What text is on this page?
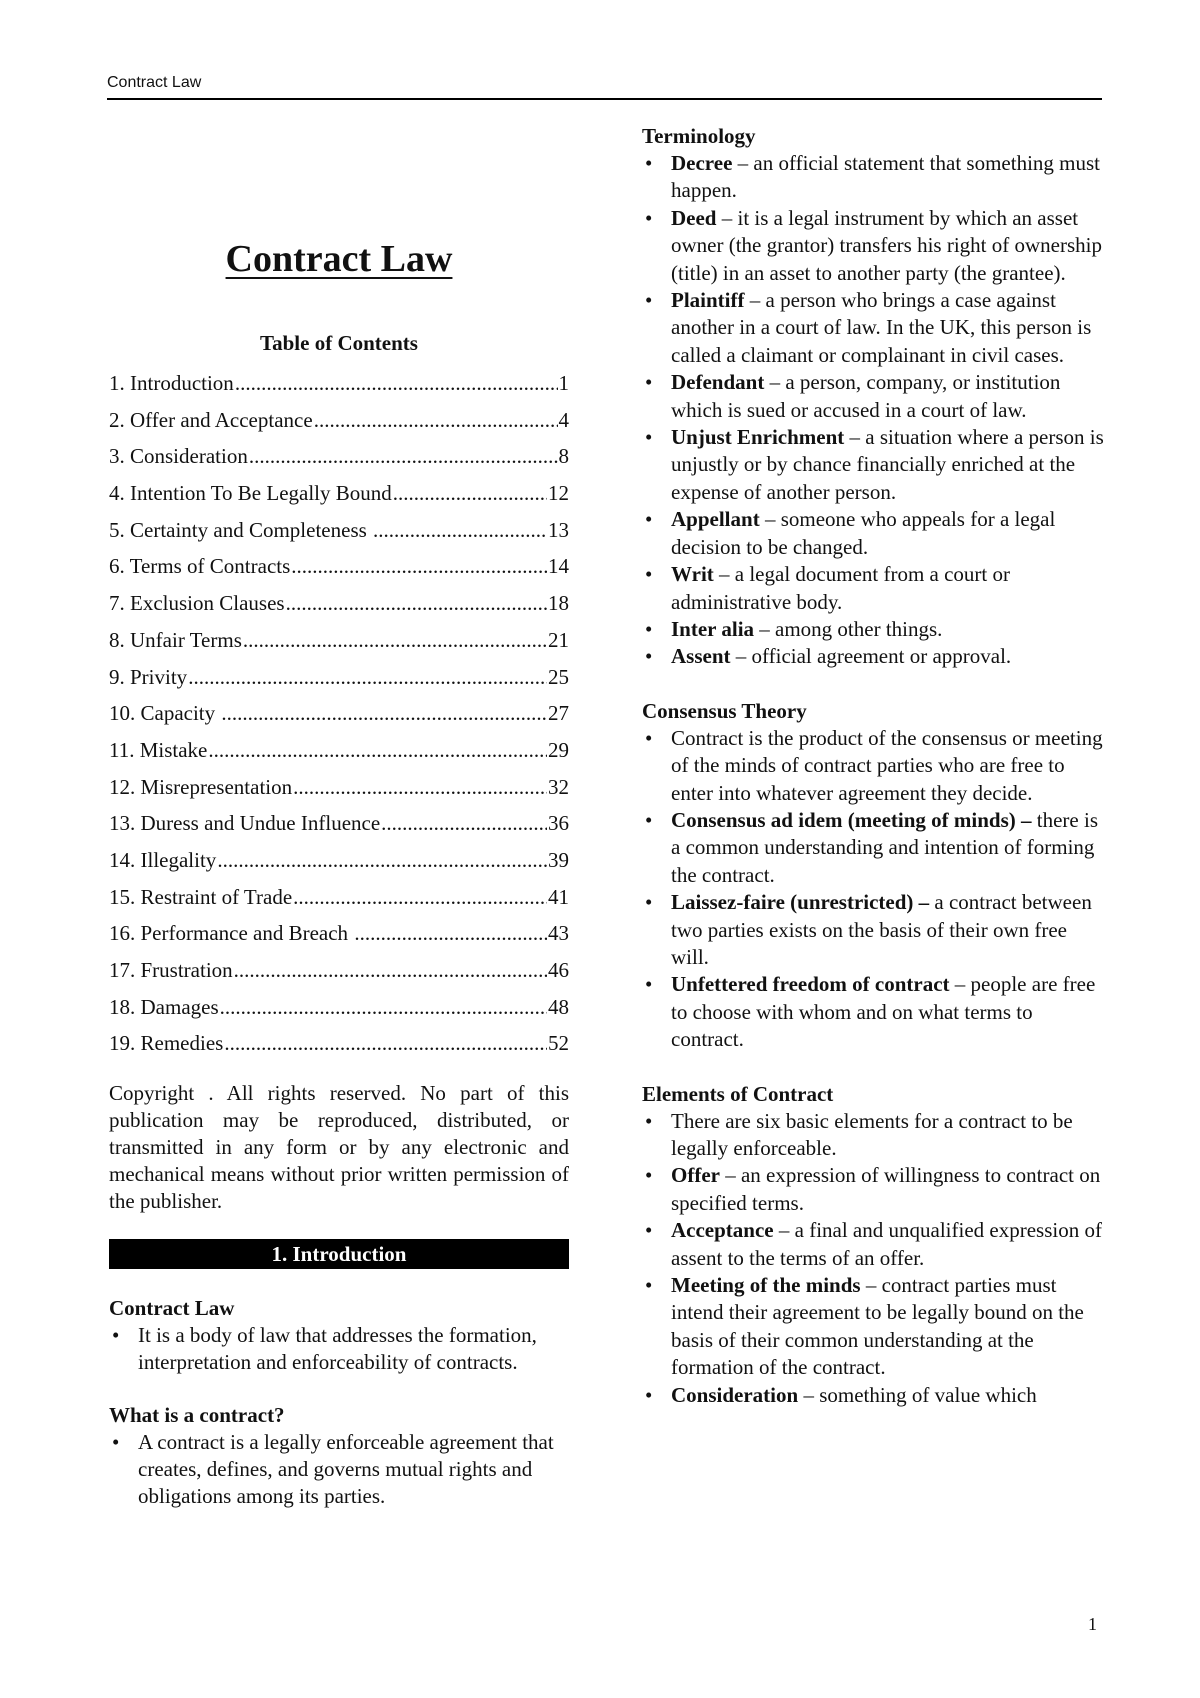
Contract Law
Contract Law
Table of Contents
1. Introduction .....	1
2. Offer and Acceptance .....	4
3. Consideration .....	8
4. Intention To Be Legally Bound .....	12
5. Certainty and Completeness .....	13
6. Terms of Contracts .....	14
7. Exclusion Clauses .....	18
8. Unfair Terms .....	21
9. Privity .....	25
10. Capacity .....	27
11. Mistake .....	29
12. Misrepresentation .....	32
13. Duress and Undue Influence .....	36
14. Illegality .....	39
15. Restraint of Trade .....	41
16. Performance and Breach .....	43
17. Frustration .....	46
18. Damages .....	48
19. Remedies .....	52
Copyright . All rights reserved. No part of this publication may be reproduced, distributed, or transmitted in any form or by any electronic and mechanical means without prior written permission of the publisher.
1. Introduction
Contract Law
• It is a body of law that addresses the formation, interpretation and enforceability of contracts.
What is a contract?
• A contract is a legally enforceable agreement that creates, defines, and governs mutual rights and obligations among its parties.
Terminology
• Decree – an official statement that something must happen.
• Deed – it is a legal instrument by which an asset owner (the grantor) transfers his right of ownership (title) in an asset to another party (the grantee).
• Plaintiff – a person who brings a case against another in a court of law. In the UK, this person is called a claimant or complainant in civil cases.
• Defendant – a person, company, or institution which is sued or accused in a court of law.
• Unjust Enrichment – a situation where a person is unjustly or by chance financially enriched at the expense of another person.
• Appellant – someone who appeals for a legal decision to be changed.
• Writ – a legal document from a court or administrative body.
• Inter alia – among other things.
• Assent – official agreement or approval.
Consensus Theory
• Contract is the product of the consensus or meeting of the minds of contract parties who are free to enter into whatever agreement they decide.
• Consensus ad idem (meeting of minds) – there is a common understanding and intention of forming the contract.
• Laissez-faire (unrestricted) – a contract between two parties exists on the basis of their own free will.
• Unfettered freedom of contract – people are free to choose with whom and on what terms to contract.
Elements of Contract
• There are six basic elements for a contract to be legally enforceable.
• Offer – an expression of willingness to contract on specified terms.
• Acceptance – a final and unqualified expression of assent to the terms of an offer.
• Meeting of the minds – contract parties must intend their agreement to be legally bound on the basis of their common understanding at the formation of the contract.
• Consideration – something of value which
1
